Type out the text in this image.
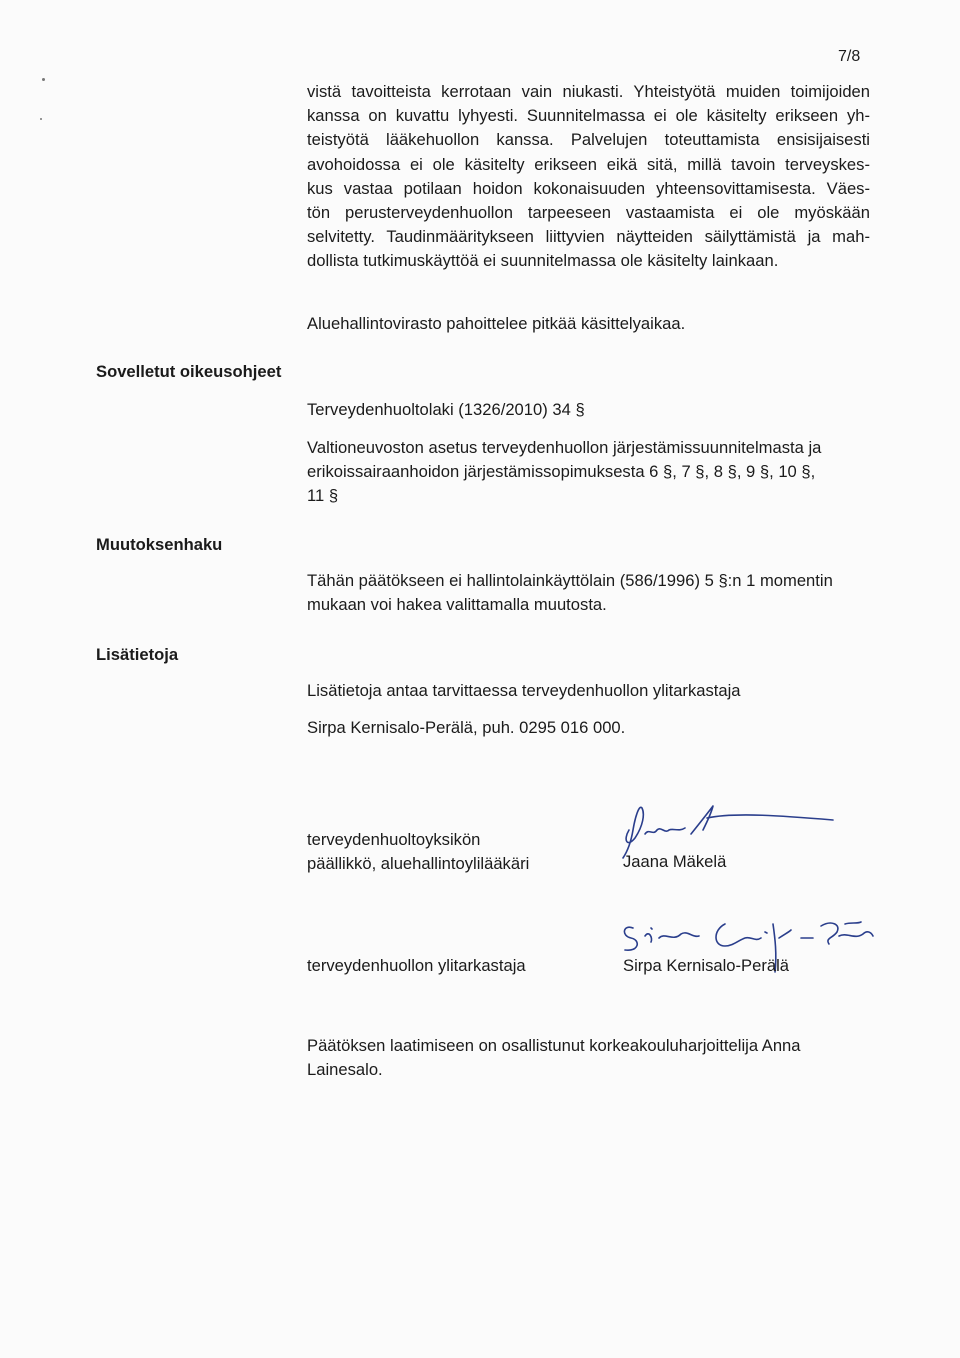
7/8
vistä tavoitteista kerrotaan vain niukasti. Yhteistyötä muiden toimijoiden
kanssa on kuvattu lyhyesti. Suunnitelmassa ei ole käsitelty erikseen yh-
teistyötä lääkehuollon kanssa. Palvelujen toteuttamista ensisijaisesti
avohoidossa ei ole käsitelty erikseen eikä sitä, millä tavoin terveyskes-
kus vastaa potilaan hoidon kokonaisuuden yhteensovittamisesta. Väes-
tön perusterveydenhuollon tarpeeseen vastaamista ei ole myöskään
selvitetty. Taudinmääritykseen liittyvien näytteiden säilyttämistä ja mah-
dollista tutkimuskäyttöä ei suunnitelmassa ole käsitelty lainkaan.
Aluehallintovirasto pahoittelee pitkää käsittelyaikaa.
Sovelletut oikeusohjeet
Terveydenhuoltolaki (1326/2010) 34 §
Valtioneuvoston asetus terveydenhuollon järjestämissuunnitelmasta ja
erikoissairaanhoidon järjestämissopimuksesta 6 §, 7 §, 8 §, 9 §, 10 §,
11 §
Muutoksenhaku
Tähän päätökseen ei hallintolainkäyttölain (586/1996) 5 §:n 1 momentin
mukaan voi hakea valittamalla muutosta.
Lisätietoja
Lisätietoja antaa tarvittaessa terveydenhuollon ylitarkastaja
Sirpa Kernisalo-Perälä, puh. 0295 016 000.
terveydenhuoltoyksikön
päällikkö, aluehallintoylilääkäri	Jaana Mäkelä
terveydenhuollon ylitarkastaja	Sirpa Kernisalo-Perälä
Päätöksen laatimiseen on osallistunut korkeakouluharjoittelija Anna
Lainesalo.
